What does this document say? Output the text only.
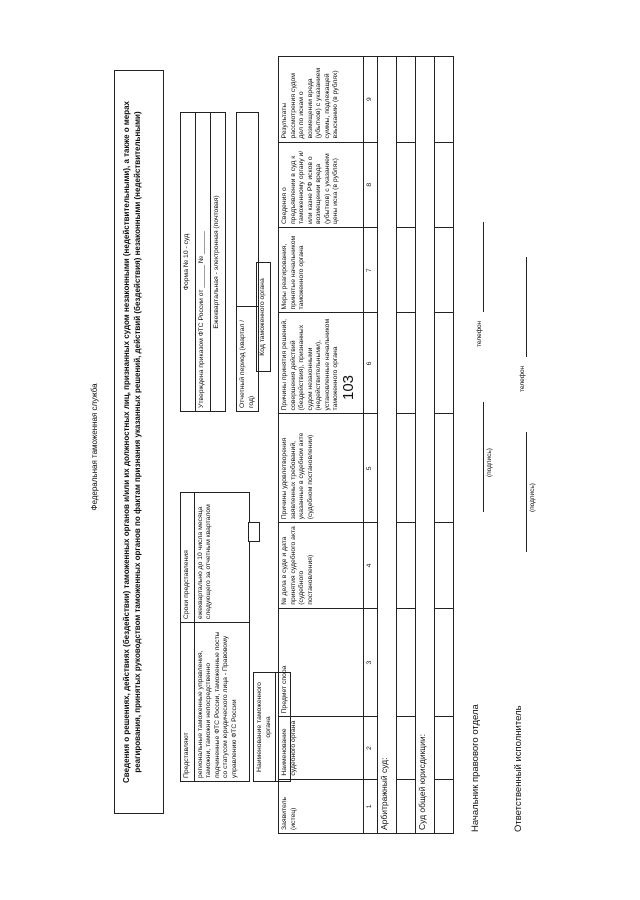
103
Федеральная таможенная служба	Сведения о решениях, действиях (бездействии) таможенных органов и/или их должностных лиц, признанных судом незаконными (недействительными), а также о мерах реагирования, принятых руководством таможенных органов по фактам признания указанных решений, действий (бездействия) незаконными (недействительными)	Представляют	Сроки представления
региональные таможенные управления, таможни, таможни непосредственно подчиненные ФТС России, таможенные посты со статусом юридического лица - Правовому управлению ФТС России	ежеквартально до 10 числа месяца следующего за отчетным кварталом
Наименование таможенного органа

Форма № 10 - суд
Утверждена приказом ФТС России от ______ № ______
Ежеквартальная - электронная (почтовая)
Отчетный период (квартал /год)	
Код таможенного органа
Заявитель (истец)	Наименование судебного органа	Предмет спора	№ дела в суде и дата принятия судебного акта (судебного постановления)	Причины удовлетворения заявленных требований, указанные в судебном акте (судебном постановлении)	Причины принятия решений, совершения действий (бездействия), признанных судом незаконными (недействительными), установленные начальником таможенного органа	Меры реагирования, принятые начальником таможенного органа	Сведения о предъявлении в суд к таможенному органу и/или казне РФ исков о возмещении вреда (убытков) с указанием цены иска (в рублях)	Результаты рассмотрения судом дел по искам о возмещении вреда (убытков) с указанием суммы, подлежащей взысканию (в рублях)
1	2	3	4	5	6	7	8	9
Арбитражный суд:								

Суд общей юрисдикции:								
									Начальник правового отдела
(подпись)
телефон
Ответственный исполнитель
(подпись)
телефон
